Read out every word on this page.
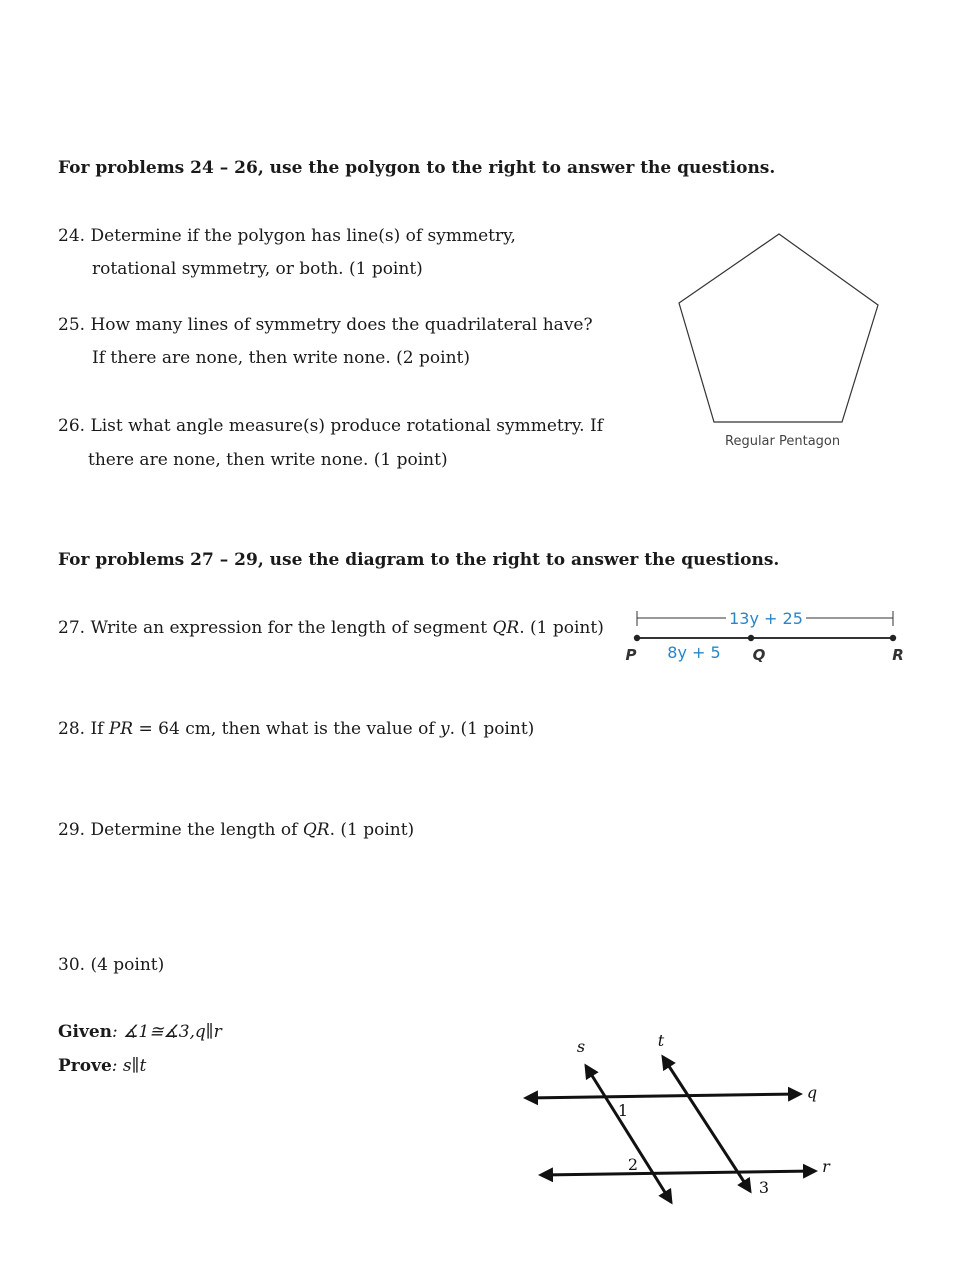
For problems 24 – 26, use the polygon to the right to answer the questions.
24. Determine if the polygon has line(s) of symmetry,
rotational symmetry, or both. (1 point)
25. How many lines of symmetry does the quadrilateral have?
If there are none, then write none. (2 point)
26. List what angle measure(s) produce rotational symmetry. If
there are none, then write none. (1 point)
Regular Pentagon
For problems 27 – 29, use the diagram to the right to answer the questions.
27. Write an expression for the length of segment QR. (1 point)
28. If PR = 64 cm, then what is the value of y. (1 point)
29. Determine the length of QR. (1 point)
13y + 25
P	Q	R
8y + 5
30. (4 point)
Given: ∡1≅∡3,q∥r
Prove: s∥t
s	t
q
r
1
2
3
